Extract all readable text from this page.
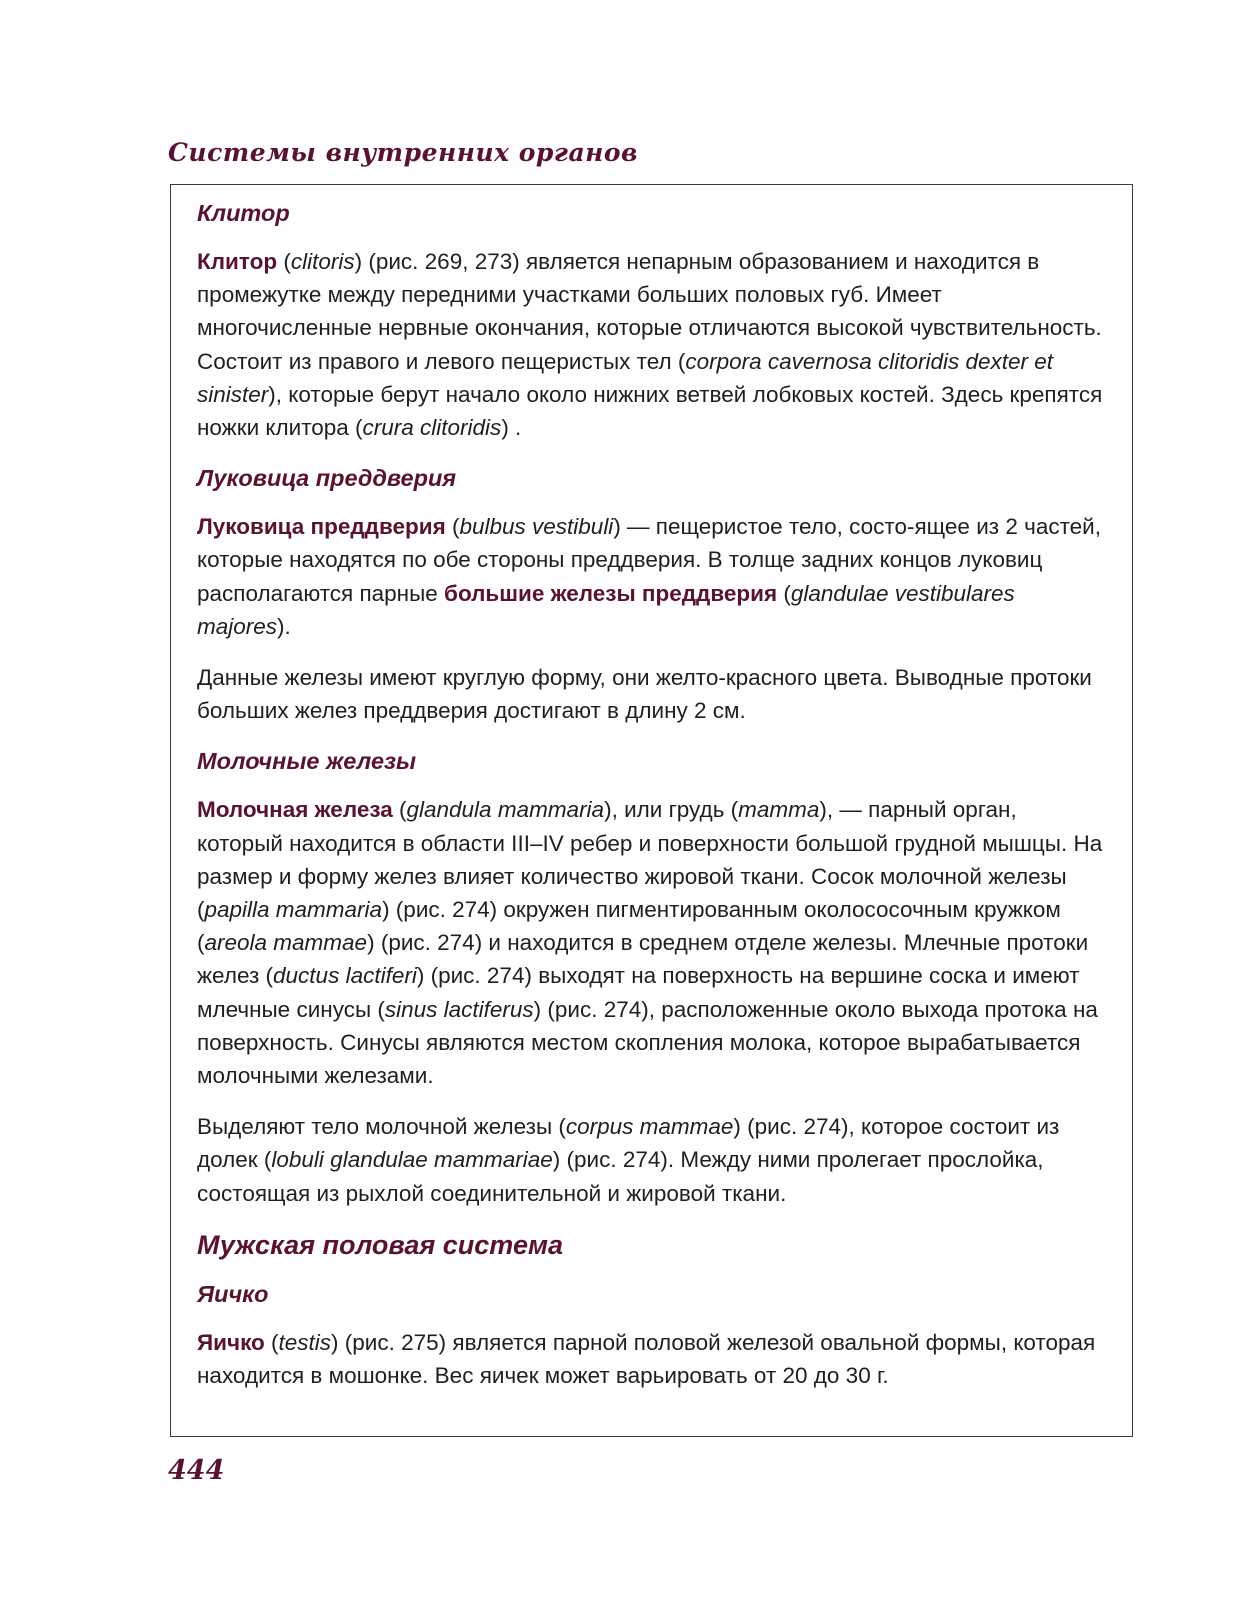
Системы внутренних органов
Клитор

Клитор (clitoris) (рис. 269, 273) является непарным образованием и находится в промежутке между передними участками больших половых губ. Имеет многочисленные нервные окончания, которые отличаются высокой чувствительность. Состоит из правого и левого пещеристых тел (corpora cavernosa clitoridis dexter et sinister), которые берут начало около нижних ветвей лобковых костей. Здесь крепятся ножки клитора (crura clitoridis) .

Луковица преддверия

Луковица преддверия (bulbus vestibuli) — пещеристое тело, состо-ящее из 2 частей, которые находятся по обе стороны преддверия. В толще задних концов луковиц располагаются парные большие железы преддверия (glandulae vestibulares majores).

Данные железы имеют круглую форму, они желто-красного цвета. Выводные протоки больших желез преддверия достигают в длину 2 см.

Молочные железы

Молочная железа (glandula mammaria), или грудь (mamma), — парный орган, который находится в области III–IV ребер и поверхности большой грудной мышцы. На размер и форму желез влияет количество жировой ткани. Сосок молочной железы (papilla mammaria) (рис. 274) окружен пигментированным околососочным кружком (areola mammae) (рис. 274) и находится в среднем отделе железы. Млечные протоки желез (ductus lactiferi) (рис. 274) выходят на поверхность на вершине соска и имеют млечные синусы (sinus lactiferus) (рис. 274), расположенные около выхода протока на поверхность. Синусы являются местом скопления молока, которое вырабатывается молочными железами.

Выделяют тело молочной железы (corpus mammae) (рис. 274), которое состоит из долек (lobuli glandulae mammariae) (рис. 274). Между ними пролегает прослойка, состоящая из рыхлой соединительной и жировой ткани.

Мужская половая система
Яичко

Яичко (testis) (рис. 275) является парной половой железой овальной формы, которая находится в мошонке. Вес яичек может варьировать от 20 до 30 г.

444
